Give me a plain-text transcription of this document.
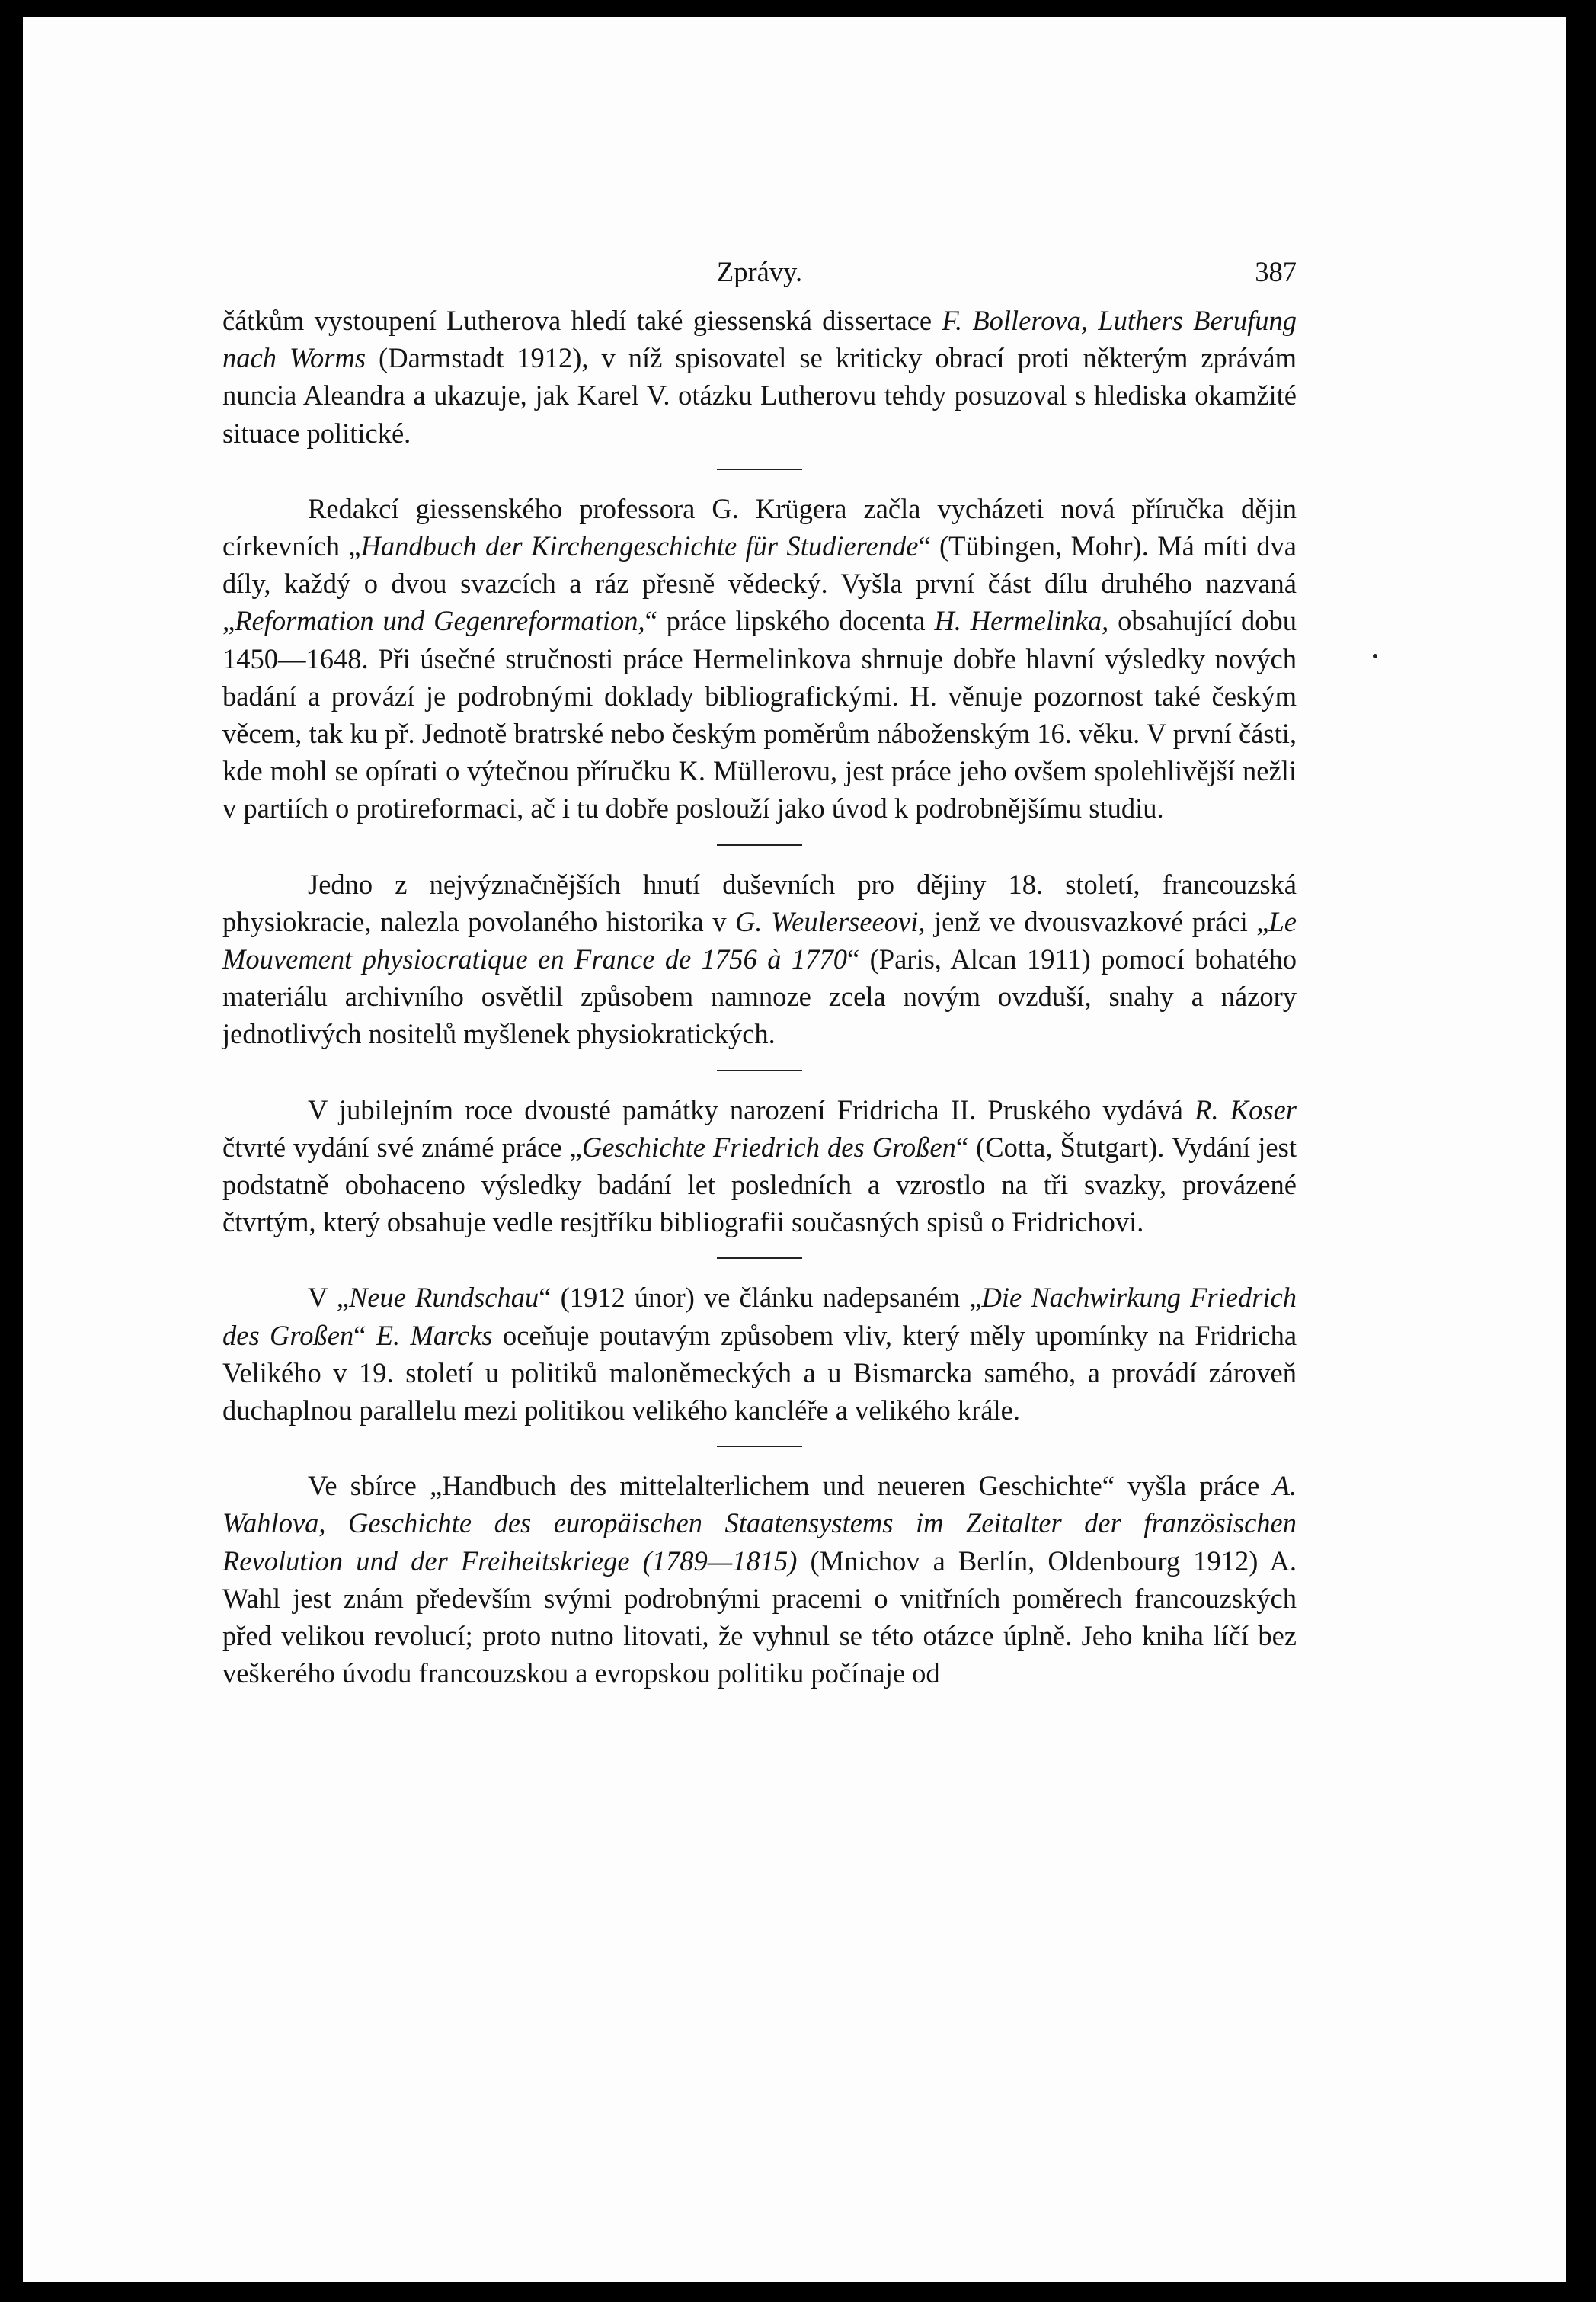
Zprávy.	387

čátkům vystoupení Lutherova hledí také giessenská dissertace F. Bollerova, Luthers Berufung nach Worms (Darmstadt 1912), v níž spisovatel se kriticky obrací proti některým zprávám nuncia Aleandra a ukazuje, jak Karel V. otázku Lutherovu tehdy posuzoval s hlediska okamžité situace politické.

Redakcí giessenského professora G. Krügera začla vycházeti nová příručka dějin církevních „Handbuch der Kirchengeschichte für Studierende“ (Tübingen, Mohr). Má míti dva díly, každý o dvou svazcích a ráz přesně vědecký. Vyšla první část dílu druhého nazvaná „Reformation und Gegenreformation,“ práce lipského docenta H. Hermelinka, obsahující dobu 1450—1648. Při úsečné stručnosti práce Hermelinkova shrnuje dobře hlavní výsledky nových badání a provází je podrobnými doklady bibliografickými. H. věnuje pozornost také českým věcem, tak ku př. Jednotě bratrské nebo českým poměrům náboženským 16. věku. V první části, kde mohl se opírati o výtečnou příručku K. Müllerovu, jest práce jeho ovšem spolehlivější nežli v partiích o protireformaci, ač i tu dobře poslouží jako úvod k podrobnějšímu studiu.

Jedno z nejvýznačnějších hnutí duševních pro dějiny 18. století, francouzská physiokracie, nalezla povolaného historika v G. Weulerseeovi, jenž ve dvousvazkové práci „Le Mouvement physiocratique en France de 1756 à 1770“ (Paris, Alcan 1911) pomocí bohatého materiálu archivního osvětlil způsobem namnoze zcela novým ovzduší, snahy a názory jednotlivých nositelů myšlenek physiokratických.

V jubilejním roce dvousté památky narození Fridricha II. Pruského vydává R. Koser čtvrté vydání své známé práce „Geschichte Friedrich des Großen“ (Cotta, Štutgart). Vydání jest podstatně obohaceno výsledky badání let posledních a vzrostlo na tři svazky, provázené čtvrtým, který obsahuje vedle resjtříku bibliografii současných spisů o Fridrichovi.

V „Neue Rundschau“ (1912 únor) ve článku nadepsaném „Die Nachwirkung Friedrich des Großen“ E. Marcks oceňuje poutavým způsobem vliv, který měly upomínky na Fridricha Velikého v 19. století u politiků maloněmeckých a u Bismarcka samého, a provádí zároveň duchaplnou parallelu mezi politikou velikého kancléře a velikého krále.

Ve sbírce „Handbuch des mittelalterlichem und neueren Geschichte“ vyšla práce A. Wahlova, Geschichte des europäischen Staatensystems im Zeitalter der französischen Revolution und der Freiheitskriege (1789—1815) (Mnichov a Berlín, Oldenbourg 1912) A. Wahl jest znám především svými podrobnými pracemi o vnitřních poměrech francouzských před velikou revolucí; proto nutno litovati, že vyhnul se této otázce úplně. Jeho kniha líčí bez veškerého úvodu francouzskou a evropskou politiku počínaje od
